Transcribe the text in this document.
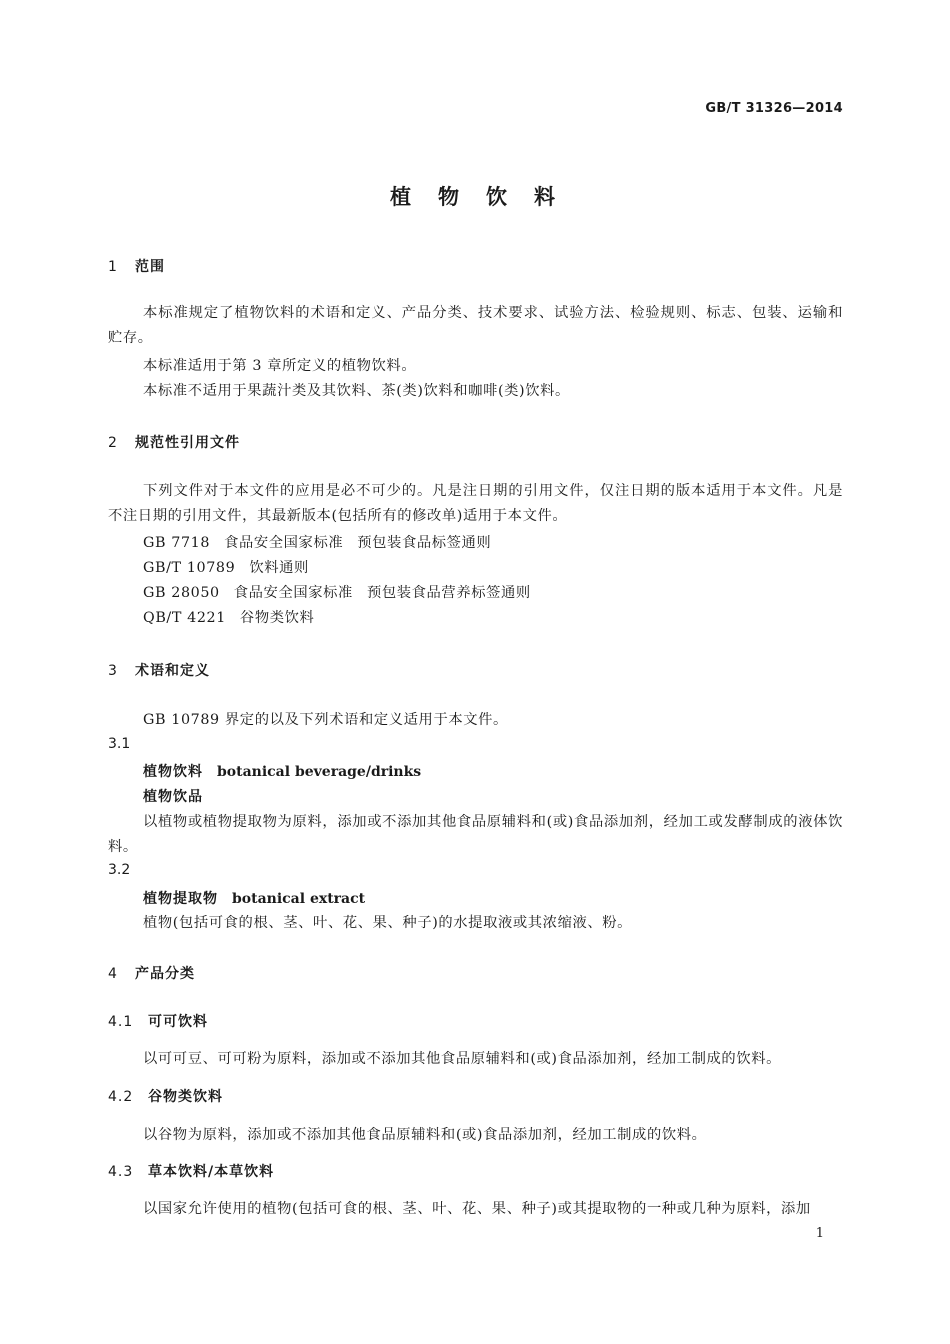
GB/T 31326—2014
植物饮料
1 范围
本标准规定了植物饮料的术语和定义、产品分类、技术要求、试验方法、检验规则、标志、包装、运输和贮存。
本标准适用于第 3 章所定义的植物饮料。
本标准不适用于果蔬汁类及其饮料、茶(类)饮料和咖啡(类)饮料。
2 规范性引用文件
下列文件对于本文件的应用是必不可少的。凡是注日期的引用文件，仅注日期的版本适用于本文件。凡是不注日期的引用文件，其最新版本(包括所有的修改单)适用于本文件。
GB 7718 食品安全国家标准 预包装食品标签通则
GB/T 10789 饮料通则
GB 28050 食品安全国家标准 预包装食品营养标签通则
QB/T 4221 谷物类饮料
3 术语和定义
GB 10789 界定的以及下列术语和定义适用于本文件。
3.1
植物饮料 botanical beverage/drinks
植物饮品
以植物或植物提取物为原料，添加或不添加其他食品原辅料和(或)食品添加剂，经加工或发酵制成的液体饮料。
3.2
植物提取物 botanical extract
植物(包括可食的根、茎、叶、花、果、种子)的水提取液或其浓缩液、粉。
4 产品分类
4.1 可可饮料
以可可豆、可可粉为原料，添加或不添加其他食品原辅料和(或)食品添加剂，经加工制成的饮料。
4.2 谷物类饮料
以谷物为原料，添加或不添加其他食品原辅料和(或)食品添加剂，经加工制成的饮料。
4.3 草本饮料/本草饮料
以国家允许使用的植物(包括可食的根、茎、叶、花、果、种子)或其提取物的一种或几种为原料，添加
1
